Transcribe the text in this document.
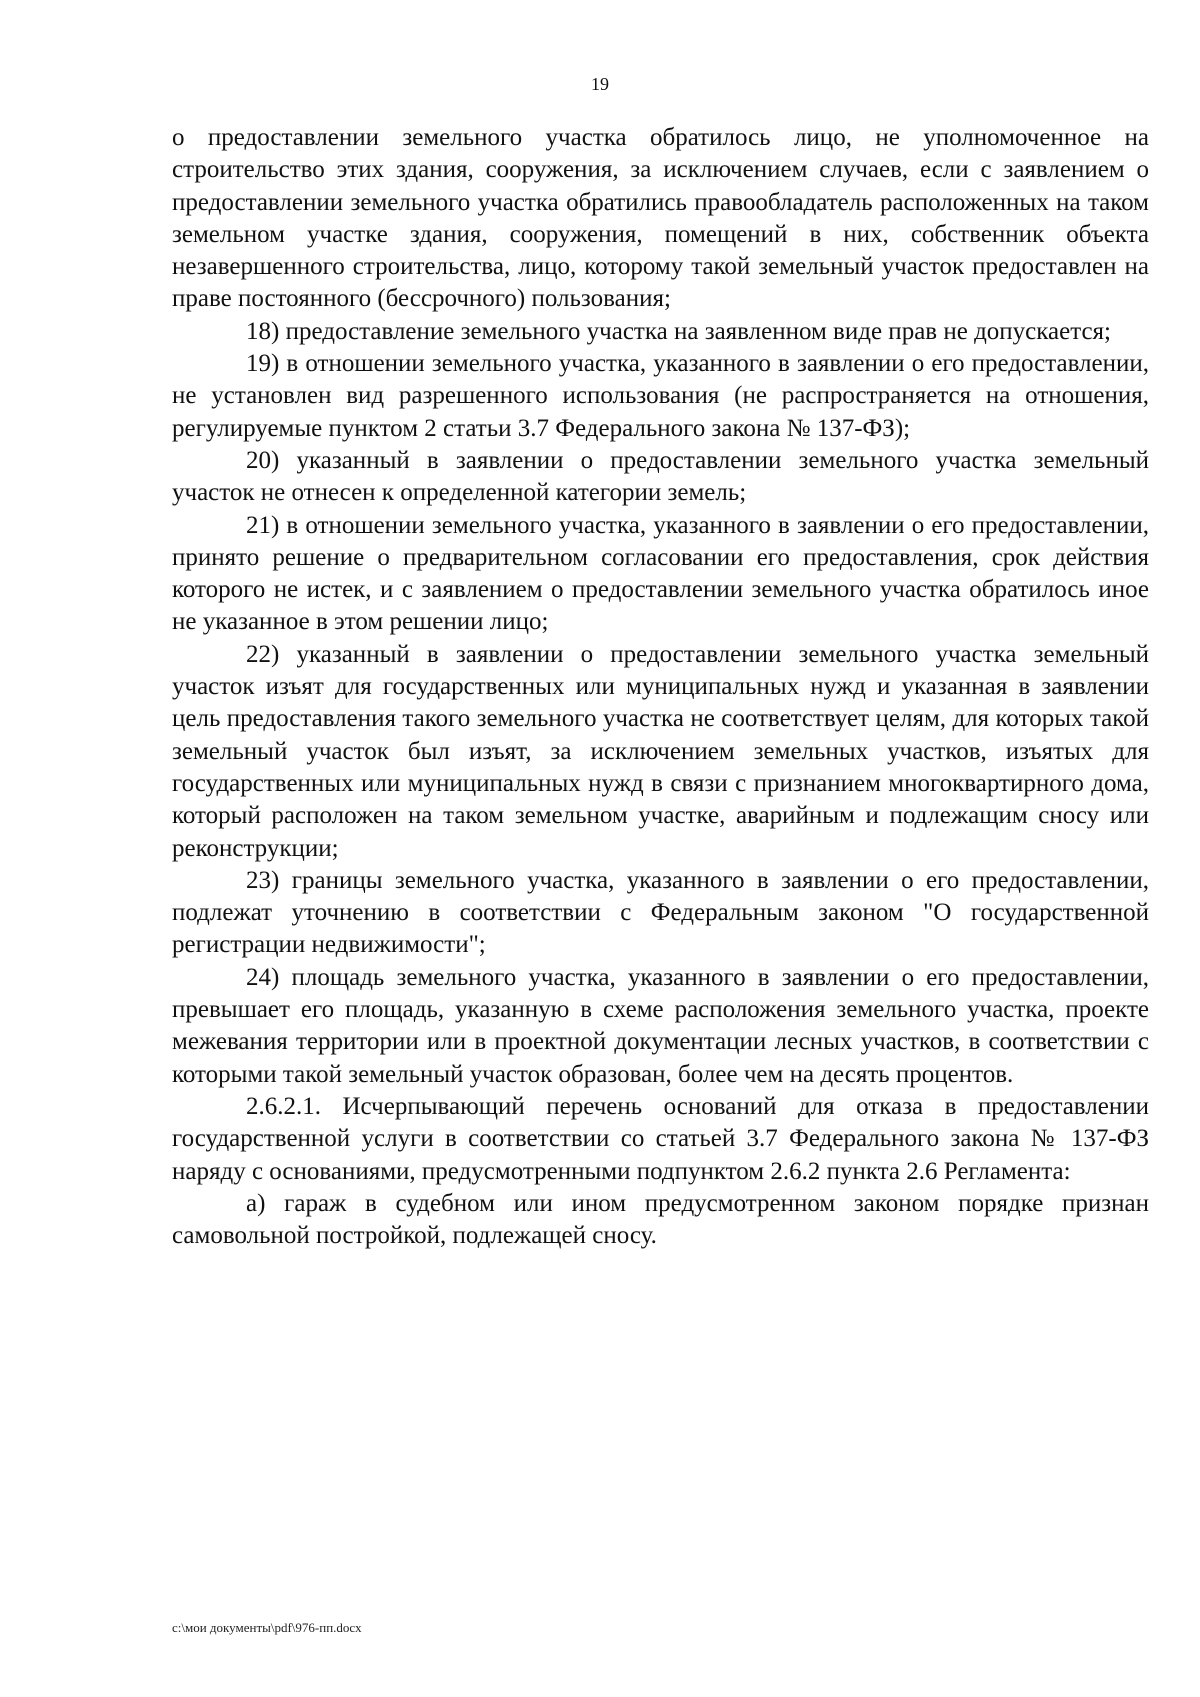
19

о предоставлении земельного участка обратилось лицо, не уполномоченное на строительство этих здания, сооружения, за исключением случаев, если с заявлением о предоставлении земельного участка обратились правообладатель расположенных на таком земельном участке здания, сооружения, помещений в них, собственник объекта незавершенного строительства, лицо, которому такой земельный участок предоставлен на праве постоянного (бессрочного) пользования;

18) предоставление земельного участка на заявленном виде прав не допускается;

19) в отношении земельного участка, указанного в заявлении о его предоставлении, не установлен вид разрешенного использования (не распространяется на отношения, регулируемые пунктом 2 статьи 3.7 Федерального закона № 137-ФЗ);

20) указанный в заявлении о предоставлении земельного участка земельный участок не отнесен к определенной категории земель;

21) в отношении земельного участка, указанного в заявлении о его предоставлении, принято решение о предварительном согласовании его предоставления, срок действия которого не истек, и с заявлением о предоставлении земельного участка обратилось иное не указанное в этом решении лицо;

22) указанный в заявлении о предоставлении земельного участка земельный участок изъят для государственных или муниципальных нужд и указанная в заявлении цель предоставления такого земельного участка не соответствует целям, для которых такой земельный участок был изъят, за исключением земельных участков, изъятых для государственных или муниципальных нужд в связи с признанием многоквартирного дома, который расположен на таком земельном участке, аварийным и подлежащим сносу или реконструкции;

23) границы земельного участка, указанного в заявлении о его предоставлении, подлежат уточнению в соответствии с Федеральным законом "О государственной регистрации недвижимости";

24) площадь земельного участка, указанного в заявлении о его предоставлении, превышает его площадь, указанную в схеме расположения земельного участка, проекте межевания территории или в проектной документации лесных участков, в соответствии с которыми такой земельный участок образован, более чем на десять процентов.

2.6.2.1. Исчерпывающий перечень оснований для отказа в предоставлении государственной услуги в соответствии со статьей 3.7 Федерального закона № 137-ФЗ наряду с основаниями, предусмотренными подпунктом 2.6.2 пункта 2.6 Регламента:

а) гараж в судебном или ином предусмотренном законом порядке признан самовольной постройкой, подлежащей сносу.

c:\мои документы\pdf\976-пп.docx
